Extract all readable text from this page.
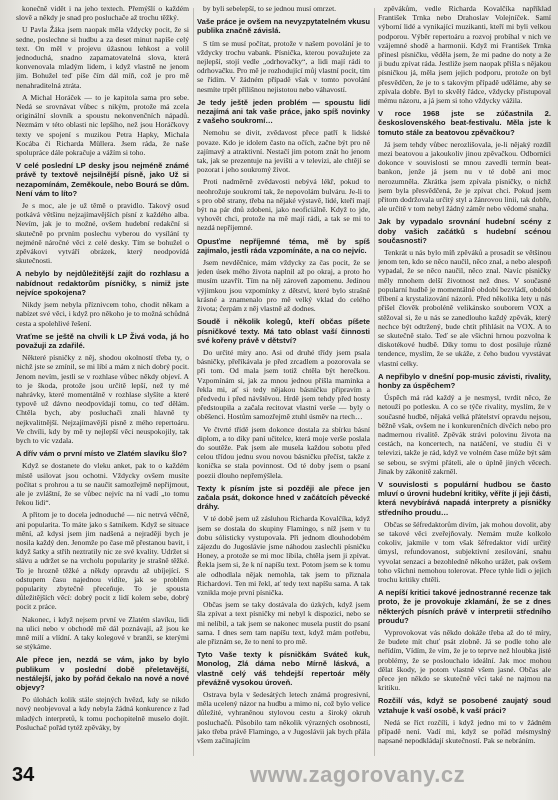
konečně vidět i na jeho textech. Přemýšlí o každém slově a někdy je snad pro posluchače až trochu těžký.

U Pavla Žáka jsem naopak měla vždycky pocit, že si sedne, poslechne si hudbu a za deset minut napíše celý text. On měl v projevu úžasnou lehkost a volil jednoduchá, snadno zapamatovatelná slova, která konvenovala mladým lidem, i když vlastně ne jenom jim. Bohužel teď píše čím dál míň, což je pro mě nenahraditelná ztráta.

A Michal Horáček — to je kapitola sama pro sebe. Nedá se srovnávat vůbec s nikým, protože má zcela originální slovník a spoustu nekonvenčních nápadů. Nezmám v této oblasti nic lepšího, než jsou Horáčkovy texty ve spojení s muzikou Petra Hapky, Michala Kocába či Richarda Müllera. Jsem ráda, že naše spolupráce dále pokračuje a vážím si toho.

V celé poslední LP desky jsou nejméně známé právě ty textově nejsilnější písně, jako Už si nezapomínám, Zeměkoule, nebo Bourá se dům. Není vám to líto?

Je s moc, ale je už těmě o pravidlo. Takový osud potkává většinu nejzajímavějších písní z každého alba. Nevím, jak je to možné, ovšem hudební redakční si skutečně po prvním poslechu vyberou do vysílání ty nejméně náročné věci z celé desky. Tím se bohužel o zpěvákovi vytváří obrázek, který neodpovídá skutečnosti.

A nebylo by nejdůležitější zajít do rozhlasu a nabídnout redaktorům písničky, s nimiž jste nejvíce spokojena?

Nikdy jsem nebyla příznivcem toho, chodit někam a nabízet své věci, i když pro někoho je to možná schůdná cesta a spolehlivé řešení.

Vraťme se ještě na chvíli k LP Živá voda, já ho považuji za zdařilé.

Některé písničky z něj, shodou okolností třeba ty, o nichž jste se zmínil, se mi líbí a mám z nich dobrý pocit. Jenom nevím, jestli se v rozhlase vůbec někdy objeví. A to je škoda, protože jsou určitě lepší, než ty mé nahrávky, které momentálně v rozhlase slyšíte a které typově už dávno neodpovídají tomu, co teď dělám. Chtěla bych, aby posluchači znali hlavně ty nejkvalitnější. Nejzajímavější písně z mého repertoáru. Ve chvíli, kdy by mě ty nejlepší věci neuspokojily, tak bych to víc vzdala.

A dřív vám o první místo ve Zlatém slavíku šlo?

Když se dostanete do vleku anket, pak to o každém místě usilovat jsou ochotni. Vždycky ovšem musíte počítat s prohrou a tu se naučit samozřejmě nepřijmout, ale je zvláštní, že se vůbec nejvíc na ní vadí „to tomu řekou lidi“.

A přitom je to docela jednoduché — nic netrvá věčně, ani popularita. To máte jako s šatníkem. Když se situace mění, až kdysi jsem jim nadšená a nejraději bych je nosila každý den. Jenomže po čase mě přestanou bavit, i když šatky a střih neztratily nic ze své kvality. Udržet si slávu a udržet se na vrcholu popularity je strašně těžké. To je hrozně těžké a někdy opravdu až ubíjející. S odstupem času najednou vidíte, jak se problém popularity zbytečně přeceňuje. To je spousta důležitějších věcí: dobrý pocit z lidí kolem sebe, dobrý pocit z práce.

Nakonec, i když nejsem první ve Zlatém slavíku, lidi na ulici nebo v obchodě mě dál poznávají, až jsou ke mně milí a vlídní. A taky kolegové v branži, se kterými se stýkáme.

Ale přece jen, nezdá se vám, jako by bylo publikum v poslední době přeletavější, nestálejší, jako by pořád čekalo na nové a nové objevy?

Po úlohách kolik stále stejných hvězd, kdy se nikdo nový neobjevoval a kdy nebyla žádná konkurence z řad mladých interpretů, k tomu pochopitelně muselo dojít. Posluchač pořád tytéž zpěváky, by

by byli sebelepší, to se jednou musí omrzet.

Vaše práce je ovšem na nevyzpytatelném vkusu publika značně závislá.

S tím se musí počítat, protože v našem povolání je to vždycky trochu vabank. Písnička, kterou považujete za nejlepší, stojí vedle „odrhovačky“, a lidi mají rádi to odrhovačku. Pro mě je rozhodující můj vlastní pocit, tím se řídím. V žádném případě však v tomto povolání nesmíte trpět přílišnou nejistotou nebo váhavostí.

Je tedy ještě jeden problém — spoustu lidí nezajímá ani tak vaše práce, jako spíš novinky z vašeho soukromí…

Nemohu se divit, zvědavost přece patří k lidské povaze. Kdo je idolem často na očích, začne být pro ně zajímavý a atraktivní. Nestačí jim potom znát ho jenom tak, jak se prezentuje na jevišti a v televizi, ale chtějí se pozorat i jeho soukromý život.

Proti nadměrně zvědavosti nebývá lékř, pokud to neohrožuje soukromí tak, že nepovolám bulváru. Je-li to s pro obě strany, třeba na nějaké výstavě, lidé, kteří mají být na pár dnů zdobeni, jako neoficiálně. Když to jde, vyhovět chci, protože na mě mají rádi, a tak se mi to nezdá nepříjemné.

Opusťme nepříjemné téma, mě by spíš zajímalo, jestli ráda vzpomínáte, a na co nejvíc.

Jsem nevděčnice, mám vždycky za čas pocit, že se jeden úsek mého života naplnil až po okraj, a proto ho musím uzavřít. Tím na něj zároveň zapomenu. Jedinou výjimkou jsou vzpomínky z dětství, které bylo strašně krásné a znamenalo pro mě velký vklad do celého života; čerpám z něj vlastně až dodnes.

Soudě i několik kolegů, kteří občas píšete písničkové texty. Má tato oblast vaší činnosti své kořeny právě v dětství?

Do určité míry ano. Asi od druhé třídy jsem psala básničky, přeříkávala je před zrcadlem a pozorovala se při tom. Od mala jsem totiž chtěla být herečkou. Vzpomínám si, jak za mnou jednou přišla maminka a řekla mi, ať si tedy nějakou básničku připravím a předvedu i před návštěvou. Hrdě jsem tehdy před hosty předstoupila a začala recitovat vlastní verše — byly o oběšenci. Hostům samozřejmě ztuhl úsměv na rtech…

Ve čtvrté třídě jsem dokonce dostala za sbírku básní diplom, a to díky paní učitelce, která moje verše poslala do soutěže. Pak jsem ale musela každou sobotu před celou třídou jednu svou novou básničku přečíst, takže z konička se stala povinnost. Od té doby jsem o psaní poezii dlouho nepřemýšlela.

Texty k písním jste si později ale přece jen začala psát, dokonce hned v začátcích pěvecké dráhy.

V té době jsem už zásluhou Richarda Kovalčíka, když jsem se dostala do skupiny Flamingo, s níž jsem v tu dobu sólisticky vystupovala. Při jednom dlouhodobém zájezdu do Jugoslávie jsme náhodou zaslechli písničku Honey, a protože se mi moc líbila, chtěla jsem ji zpívat. Řekla jsem si, že k ní napíšu text. Potom jsem se k tomu ale odhodlala nějak nemohla, tak jsem to přiznala Richardovi. Ten mi řekl, ať tedy text napíšu sama. A tak vznikla moje první písnička.

Občas jsem se taky dostávala do úzkých, když jsem šla zpívat a text písničky mi nebyl k dispozici, nebo se mi nelíbil, a tak jsem se nakonec musela pustit do psaní sama. I dnes sem tam napíšu text, když mám potřebu, ale přiznám se, že to není to pro mě.

Tyto Vaše texty k písničkám Sváteč kuk, Monolog, Zlá dáma nebo Mírně láskvá, a vlastně celý váš tehdejší repertoár měly převážně vysokou úroveň.

Ostrava byla v šedesátých letech známá progresivní, měla ucelený názor na hudbu a mimo ni, což bylo velice důležité, vyhraněnou stylovou cestu a široký okruh posluchačů. Působilo tam několik výrazných osobností, jako třeba právě Flamingo, a v Jugoslávii jak bych přála všem začínajícím

zpěvákům, vedle Richarda Kovalčíka například František Trnka nebo Drahoslav Volejníček. Samí výborní lidé a vynikající muzikanti, kteří mi byli velkou podporou. Výběr repertoáru a rozvoj probíhal v nich ve vzájemné shodě a harmonii. Když mi František Trnka přinesl písničku, věděla jsem, že mi padne do noty a že ji budu zpívat ráda. Jestliže jsem naopak přišla s nějakou písničkou já, měla jsem jejich podporu, protože on byl přesvědčen, že je to s takovým případě uděláme, aby se zpívala dobře. Byl to skvělý řádce, vždycky přistupoval mému názoru, a já jsem si toho vždycky vážila.

V roce 1968 jste se zúčastnila 2. československého beat-festivalu. Měla jste k tomuto stále za beatovou zpěvačkou?

Já jsem tehdy vůbec nerozlišovala, je-li nějaký rozdíl mezi beatovou a jakoukoliv jinou zpěvačkou. Odborníci dokonce v souvislosti se mnou zavedli termín beat-bankon, jenže já jsem nu v té době ani moc nerozumněla. Zkrátka jsem zpívala písničky, o nichž jsem byla přesvědčená, že je zpívat chci. Pokud jsem přitom dodržovala určitý styl a žánrovou linii, tak dobře, ale určitě v tom nebyl žádný záměr nebo vědomé snaha.

Jak by vypadalo srovnání hudební scény z doby vašich začátků s hudební scénou současnosti?

Tenkrát u nás bylo míň zpěváků a prosadit se většinou jenom ten, kdo se něco naučil, něco znal, a nebo alespoň vypadal, že se něco naučil, něco znal. Navíc písničky měly mnohem delší životnost než dnes. V současné popularní hudbě je momentálně období bezvládí, období tříbení a krystalizování názorů. Před několika lety u nás přišel člověk proboléně velikánsko souborem VOX a stěžoval si, že u nás se zanedlouho každý zpěvák, který nechce být odtržený, bude chtít přihlásit na VOX. A to se skutečně stalo. Teď se ale všichni hrnou pozvolna k diskotékové hudbě. Díky tomu to dost posiluje různé tendence, myslím, že se ukáže, z čeho budou vyvstávat vlastní celky.

A nepřibylo v dnešní pop-music závisti, rivality, honby za úspěchem?

Úspěch má rád každý a je nesmysl, tvrdit něco, že netouží po potlesku. A co se týče rivality, myslím, že v současné hudbě, nějaká velká přátelství opravdu nejsou, běžně však, ovšem ne i konkurenčních dívčích nebo pro nadmernou rivalitě. Zpěvák strávi polovinu života na cestách, na koncertech, na natáčení, ve studiu či v televizi, takže je rád, když ve volném čase může být sám se sebou, se svými přáteli, ale o úplně jiných věcech. Jinak by zákonitě zakrněl.

V souvislosti s populární hudbou se často mluví o úrovni hudební kritiky, věříte jí jeji části, která nevybírává napadá interprety a písničky středního proudu…

Občas se šéfredaktorům divím, jak mohou dovolit, aby se takové věci zveřejňovaly. Nemám muže kolkolo cokoliv, jakmile v tom však šéfredaktor vidí určitý úmysl, refundovanost, subjektivní zesilování, snahu vyvolat senzaci a bezohledně někoho urážet, pak ovšem toho všichni nemohou tolerovat. Přece tyhle lidi o jejich trochu kritiky chtěli.

A nepíší kritici takové jednostranné recenze tak proto, že je provokuje zklamání, že se z dnes některých písních právě v interpretii středního proudu?

Vyprovokovat vás někdo dokáže třeba až do té míry, že budete mít chuť psát zlobně. Já se podle toho ale neřídím, Vídím, že vím, že je to teprve než hloubka jisté problémy, že se poslouchalo ideální. Jak moc mohou dělat škody, je potom vlastně všem jasné. Občas ale přece jen někdo se skutečně věci také ne najmou na kritiku.

Rozčilí vás, když se posobené zaujatý soud vztahuje k vaší osobě, k vaší práci?

Nedá se říct rozčílí, i když jedno mi to v žádném případě není. Vadí mi, když se pořád mésmyslný napsané nepodkládají skutečností. Pak se nebráním.

34	www.zagorovany.cz
